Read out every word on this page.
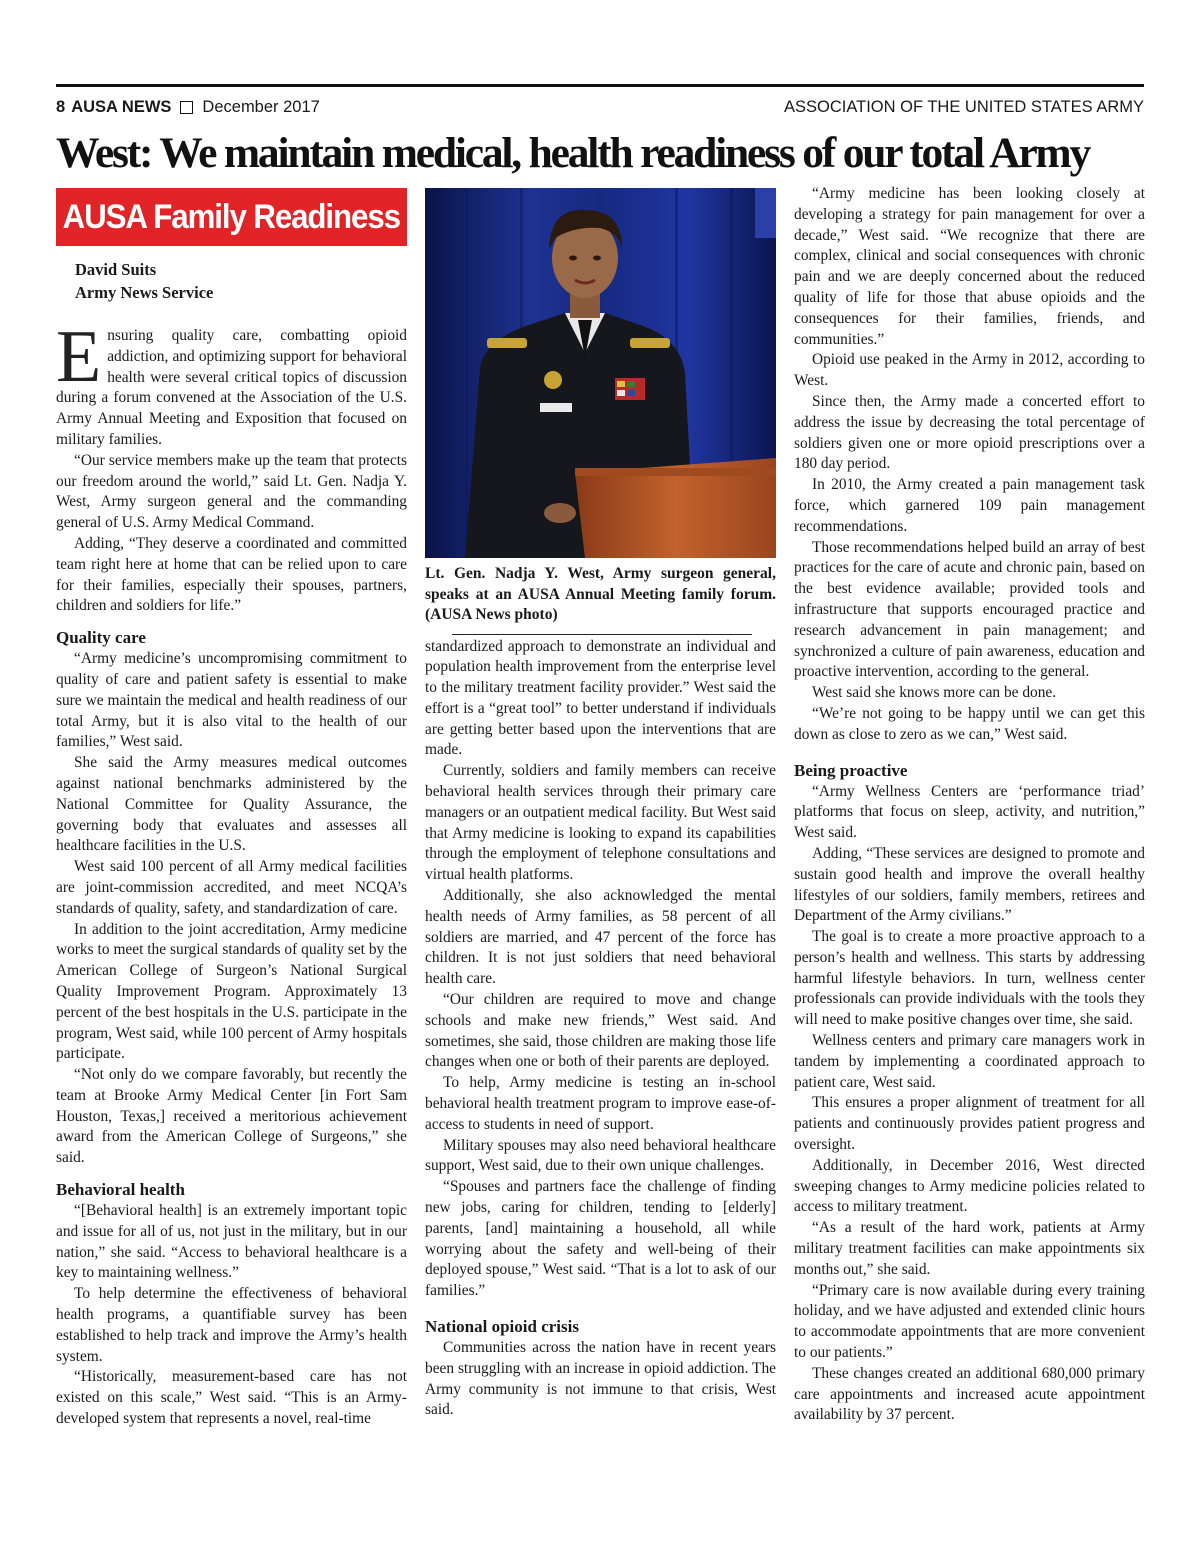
8 AUSA NEWS December 2017	ASSOCIATION OF THE UNITED STATES ARMY
West: We maintain medical, health readiness of our total Army
AUSA Family Readiness
David Suits
Army News Service

Ensuring quality care, combatting opioid addiction, and optimizing support for behavioral health were several critical topics of discussion during a forum convened at the Association of the U.S. Army Annual Meeting and Exposition that focused on military families.

“Our service members make up the team that protects our freedom around the world,” said Lt. Gen. Nadja Y. West, Army surgeon general and the commanding general of U.S. Army Medical Command.

Adding, “They deserve a coordinated and committed team right here at home that can be relied upon to care for their families, especially their spouses, partners, children and soldiers for life.”

Quality care

“Army medicine’s uncompromising commitment to quality of care and patient safety is essential to make sure we maintain the medical and health readiness of our total Army, but it is also vital to the health of our families,” West said.

She said the Army measures medical outcomes against national benchmarks administered by the National Committee for Quality Assurance, the governing body that evaluates and assesses all healthcare facilities in the U.S.

West said 100 percent of all Army medical facilities are joint-commission accredited, and meet NCQA’s standards of quality, safety, and standardization of care.

In addition to the joint accreditation, Army medicine works to meet the surgical standards of quality set by the American College of Surgeon’s National Surgical Quality Improvement Program. Approximately 13 percent of the best hospitals in the U.S. participate in the program, West said, while 100 percent of Army hospitals participate.

“Not only do we compare favorably, but recently the team at Brooke Army Medical Center [in Fort Sam Houston, Texas,] received a meritorious achievement award from the American College of Surgeons,” she said.

Behavioral health

“[Behavioral health] is an extremely important topic and issue for all of us, not just in the military, but in our nation,” she said. “Access to behavioral healthcare is a key to maintaining wellness.”

To help determine the effectiveness of behavioral health programs, a quantifiable survey has been established to help track and improve the Army’s health system.

“Historically, measurement-based care has not existed on this scale,” West said. “This is an Army-developed system that represents a novel, real-time

Lt. Gen. Nadja Y. West, Army surgeon general, speaks at an AUSA Annual Meeting family forum. (AUSA News photo)

standardized approach to demonstrate an individual and population health improvement from the enterprise level to the military treatment facility provider.” West said the effort is a “great tool” to better understand if individuals are getting better based upon the interventions that are made.

Currently, soldiers and family members can receive behavioral health services through their primary care managers or an outpatient medical facility. But West said that Army medicine is looking to expand its capabilities through the employment of telephone consultations and virtual health platforms.

Additionally, she also acknowledged the mental health needs of Army families, as 58 percent of all soldiers are married, and 47 percent of the force has children. It is not just soldiers that need behavioral health care.

“Our children are required to move and change schools and make new friends,” West said. And sometimes, she said, those children are making those life changes when one or both of their parents are deployed.

To help, Army medicine is testing an in-school behavioral health treatment program to improve ease-of-access to students in need of support.

Military spouses may also need behavioral healthcare support, West said, due to their own unique challenges.

“Spouses and partners face the challenge of finding new jobs, caring for children, tending to [elderly] parents, [and] maintaining a household, all while worrying about the safety and well-being of their deployed spouse,” West said. “That is a lot to ask of our families.”

National opioid crisis

Communities across the nation have in recent years been struggling with an increase in opioid addiction. The Army community is not immune to that crisis, West said.

“Army medicine has been looking closely at developing a strategy for pain management for over a decade,” West said. “We recognize that there are complex, clinical and social consequences with chronic pain and we are deeply concerned about the reduced quality of life for those that abuse opioids and the consequences for their families, friends, and communities.”

Opioid use peaked in the Army in 2012, according to West.

Since then, the Army made a concerted effort to address the issue by decreasing the total percentage of soldiers given one or more opioid prescriptions over a 180 day period.

In 2010, the Army created a pain management task force, which garnered 109 pain management recommendations.

Those recommendations helped build an array of best practices for the care of acute and chronic pain, based on the best evidence available; provided tools and infrastructure that supports encouraged practice and research advancement in pain management; and synchronized a culture of pain awareness, education and proactive intervention, according to the general.

West said she knows more can be done.

“We’re not going to be happy until we can get this down as close to zero as we can,” West said.

Being proactive

“Army Wellness Centers are ‘performance triad’ platforms that focus on sleep, activity, and nutrition,” West said.

Adding, “These services are designed to promote and sustain good health and improve the overall healthy lifestyles of our soldiers, family members, retirees and Department of the Army civilians.”

The goal is to create a more proactive approach to a person’s health and wellness. This starts by addressing harmful lifestyle behaviors. In turn, wellness center professionals can provide individuals with the tools they will need to make positive changes over time, she said.

Wellness centers and primary care managers work in tandem by implementing a coordinated approach to patient care, West said.

This ensures a proper alignment of treatment for all patients and continuously provides patient progress and oversight.

Additionally, in December 2016, West directed sweeping changes to Army medicine policies related to access to military treatment.

“As a result of the hard work, patients at Army military treatment facilities can make appointments six months out,” she said.

“Primary care is now available during every training holiday, and we have adjusted and extended clinic hours to accommodate appointments that are more convenient to our patients.”

These changes created an additional 680,000 primary care appointments and increased acute appointment availability by 37 percent.
